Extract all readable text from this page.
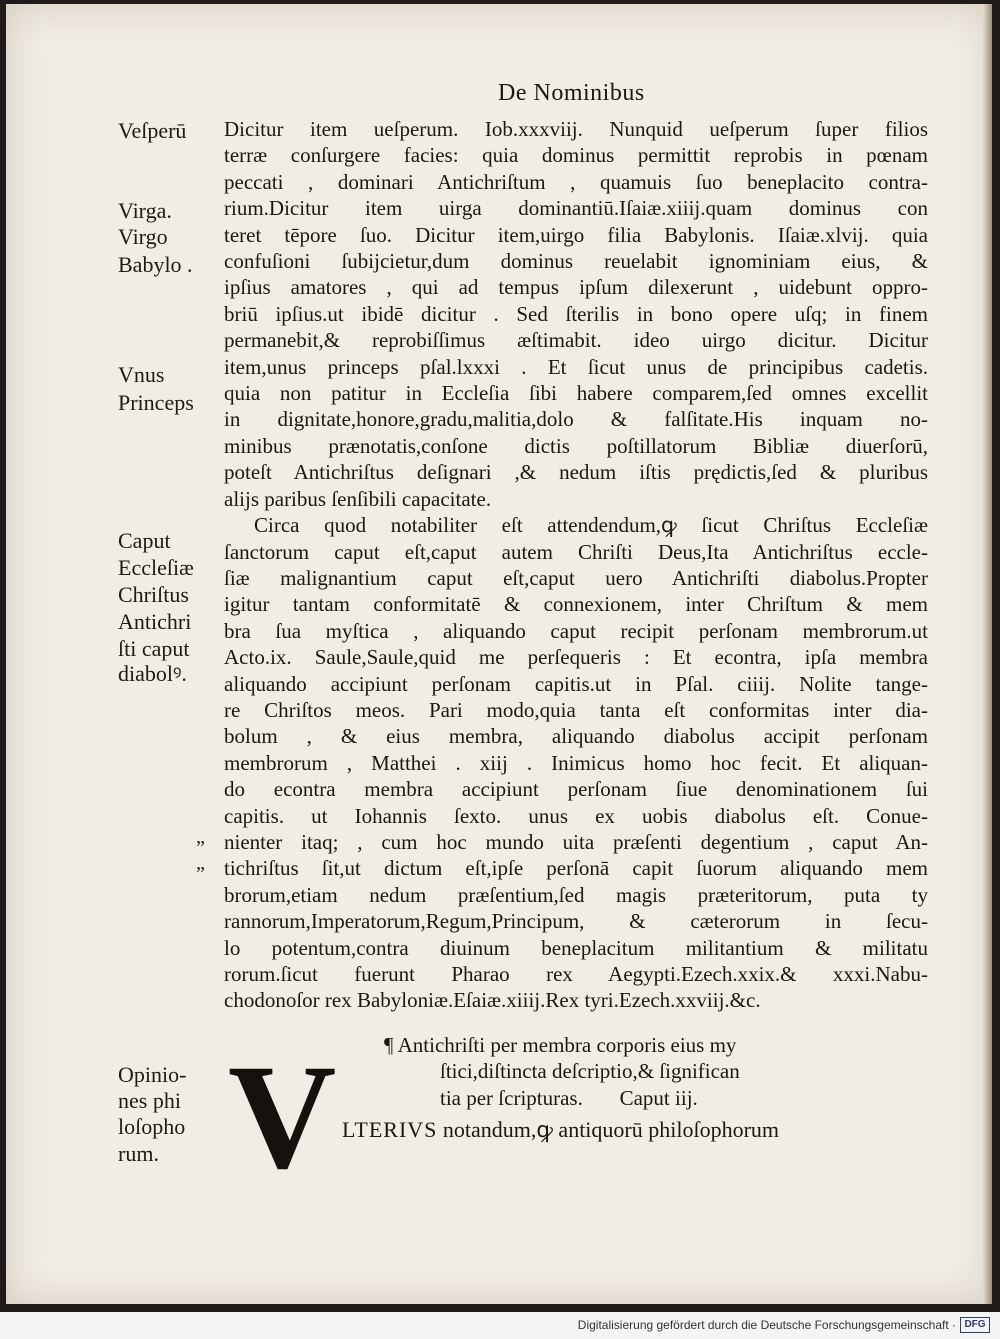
De Nominibus
Veſperū
Virga.
Virgo
Babylo .
Vnus
Princeps
Caput
Eccleſiæ
Chriſtus
Antichri
ſti caput
diabolꝰ.
Opinio-
nes phi
loſopho
rum.
„
„
Dicitur item ueſperum. Iob.xxxviij. Nunquid ueſperum ſuper filios
terræ conſurgere facies: quia dominus permittit reprobis in pœnam
peccati , dominari Antichriſtum , quamuis ſuo beneplacito contra-
rium.Dicitur item uirga dominantiū.Iſaiæ.xiiij.quam dominus con
teret tēpore ſuo. Dicitur item,uirgo filia Babylonis. Iſaiæ.xlvij. quia
confuſioni ſubijcietur,dum dominus reuelabit ignominiam eius, &
ipſius amatores , qui ad tempus ipſum dilexerunt , uidebunt oppro-
briū ipſius.ut ibidē dicitur . Sed ſterilis in bono opere uſq; in finem
permanebit,& reprobiſſimus æſtimabit. ideo uirgo dicitur. Dicitur
item,unus princeps pſal.lxxxi . Et ſicut unus de principibus cadetis.
quia non patitur in Eccleſia ſibi habere comparem,ſed omnes excellit
in dignitate,honore,gradu,malitia,dolo & falſitate.His inquam no-
minibus prænotatis,conſone dictis poſtillatorum Bibliæ diuerſorū,
poteſt Antichriſtus deſignari ,& nedum iſtis prędictis,ſed & pluribus
alijs paribus ſenſibili capacitate.
Circa quod notabiliter eſt attendendum,ꝙ ſicut Chriſtus Eccleſiæ
ſanctorum caput eſt,caput autem Chriſti Deus,Ita Antichriſtus eccle-
ſiæ malignantium caput eſt,caput uero Antichriſti diabolus.Propter
igitur tantam conformitatē & connexionem, inter Chriſtum & mem
bra ſua myſtica , aliquando caput recipit perſonam membrorum.ut
Acto.ix. Saule,Saule,quid me perſequeris : Et econtra, ipſa membra
aliquando accipiunt perſonam capitis.ut in Pſal. ciiij. Nolite tange-
re Chriſtos meos. Pari modo,quia tanta eſt conformitas inter dia-
bolum , & eius membra, aliquando diabolus accipit perſonam
membrorum , Matthei . xiij . Inimicus homo hoc fecit. Et aliquan-
do econtra membra accipiunt perſonam ſiue denominationem ſui
capitis. ut Iohannis ſexto. unus ex uobis diabolus eſt. Conue-
nienter itaq; , cum hoc mundo uita præſenti degentium , caput An-
tichriſtus ſit,ut dictum eſt,ipſe perſonā capit ſuorum aliquando mem
brorum,etiam nedum præſentium,ſed magis præteritorum, puta ty
rannorum,Imperatorum,Regum,Principum, & cæterorum in ſecu-
lo potentum,contra diuinum beneplacitum militantium & militatu
rorum.ſicut fuerunt Pharao rex Aegypti.Ezech.xxix.& xxxi.Nabu-
chodonoſor rex Babyloniæ.Eſaiæ.xiiij.Rex tyri.Ezech.xxviij.&c.
¶ Antichriſti per membra corporis eius my
ſtici,diſtincta deſcriptio,& ſignifican
tia per ſcripturas.       Caput iij.
V LTERIVS notandum,ꝙ antiquorū philoſophorum
Digitalisierung gefördert durch die Deutsche Forschungsgemeinschaft · DFG
